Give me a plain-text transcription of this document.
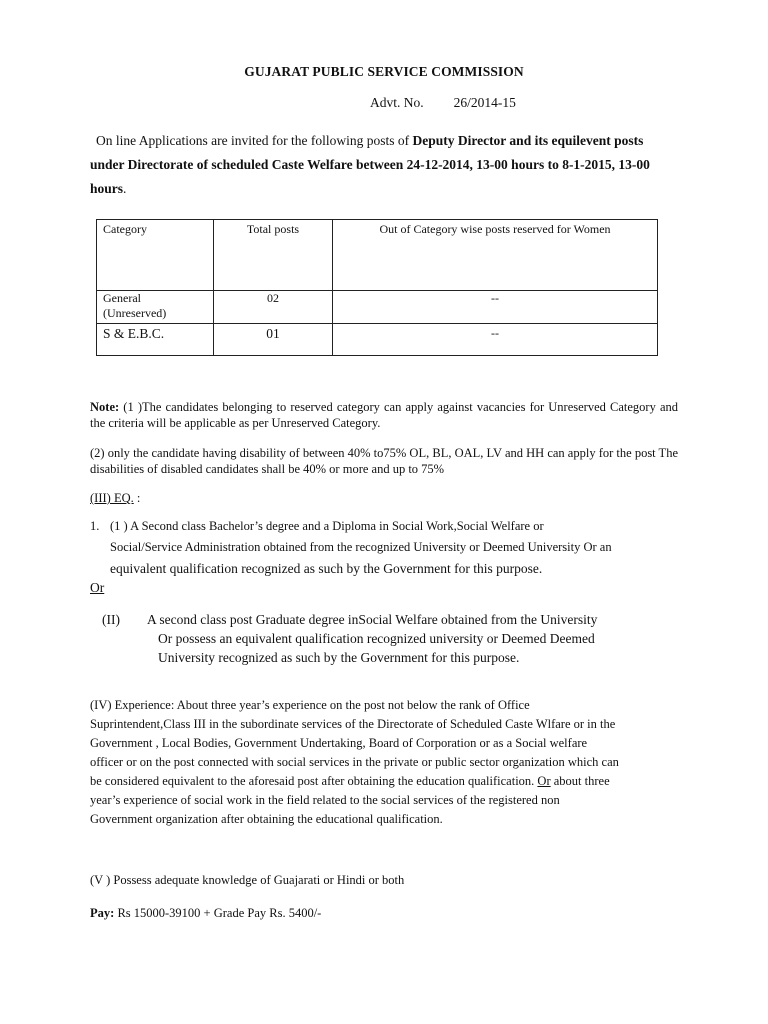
GUJARAT PUBLIC SERVICE COMMISSION
Advt. No. 26/2014-15
On line Applications are invited for the following posts of Deputy Director and its equilevent posts
under Directorate of scheduled Caste Welfare between 24-12-2014, 13-00 hours to 8-1-2015, 13-00
hours.
Category	Total posts	Out of Category wise posts reserved for Women
General
(Unreserved)	02	--
S & E.B.C.	01	--
Note: (1 )The candidates belonging to reserved category can apply against vacancies for Unreserved Category and the criteria will be applicable as per Unreserved Category.
(2) only the candidate having disability of between 40% to75% OL, BL, OAL, LV and HH can apply for the post The disabilities of disabled candidates shall be 40% or more and up to 75%
(III) EQ. :
1. (1 ) A Second class Bachelor’s degree and a Diploma in Social Work,Social Welfare or
Social/Service Administration obtained from the recognized University or Deemed University Or an
equivalent qualification recognized as such by the Government for this purpose.
Or
(II) A second class post Graduate degree inSocial Welfare obtained from the University
Or possess an equivalent qualification recognized university or Deemed Deemed
University recognized as such by the Government for this purpose.
(IV) Experience: About three year’s experience on the post not below the rank of Office
Suprintendent,Class III in the subordinate services of the Directorate of Scheduled Caste Wlfare or in the
Government , Local Bodies, Government Undertaking, Board of Corporation or as a Social welfare
officer or on the post connected with social services in the private or public sector organization which can
be considered equivalent to the aforesaid post after obtaining the education qualification. Or about three
year’s experience of social work in the field related to the social services of the registered non
Government organization after obtaining the educational qualification.
(V ) Possess adequate knowledge of Guajarati or Hindi or both
Pay: Rs 15000-39100 + Grade Pay Rs. 5400/-
